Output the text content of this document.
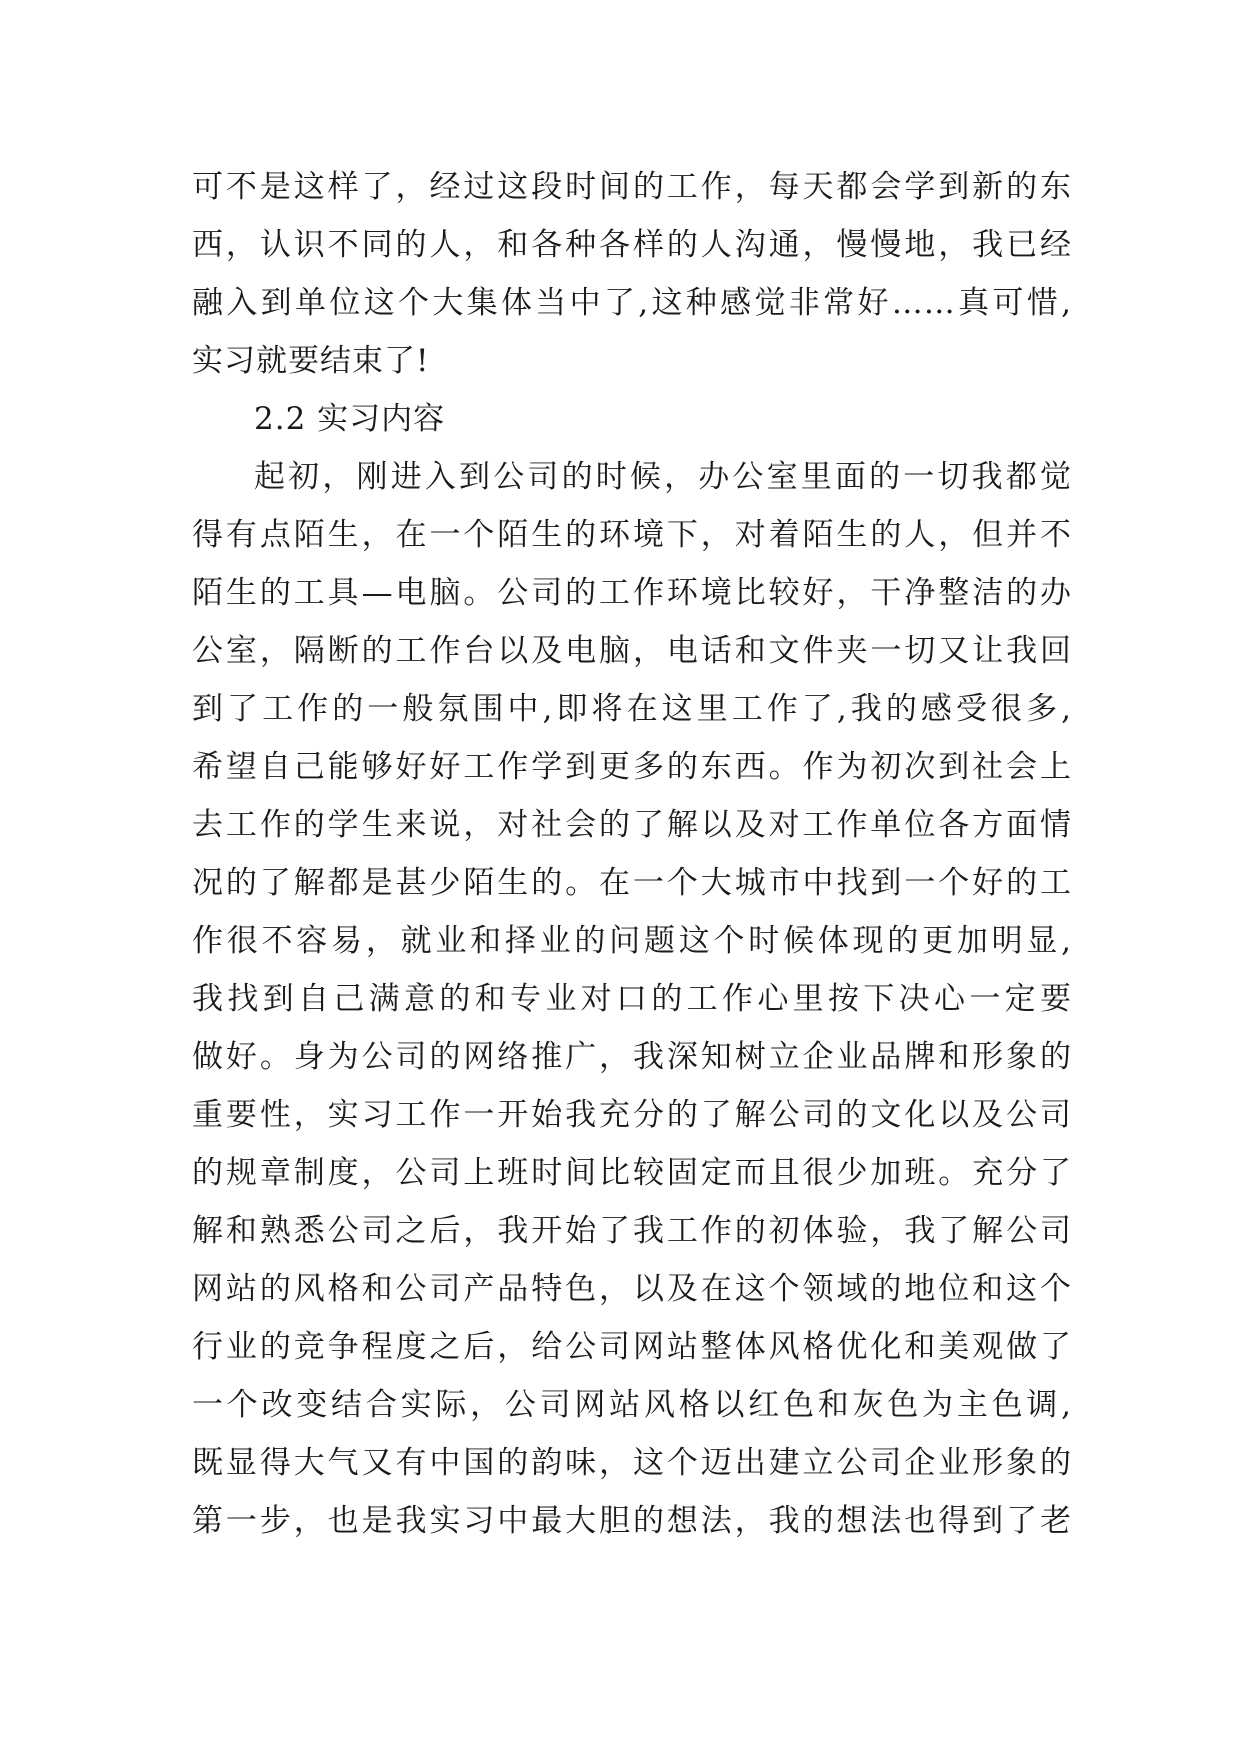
可不是这样了，经过这段时间的工作，每天都会学到新的东
西，认识不同的人，和各种各样的人沟通，慢慢地，我已经
融入到单位这个大集体当中了,这种感觉非常好……真可惜,
实习就要结束了!
2.2 实习内容
起初，刚进入到公司的时候，办公室里面的一切我都觉
得有点陌生，在一个陌生的环境下，对着陌生的人，但并不
陌生的工具—电脑。公司的工作环境比较好，干净整洁的办
公室，隔断的工作台以及电脑，电话和文件夹一切又让我回
到了工作的一般氛围中,即将在这里工作了,我的感受很多,
希望自己能够好好工作学到更多的东西。作为初次到社会上
去工作的学生来说，对社会的了解以及对工作单位各方面情
况的了解都是甚少陌生的。在一个大城市中找到一个好的工
作很不容易，就业和择业的问题这个时候体现的更加明显,
我找到自己满意的和专业对口的工作心里按下决心一定要
做好。身为公司的网络推广，我深知树立企业品牌和形象的
重要性，实习工作一开始我充分的了解公司的文化以及公司
的规章制度，公司上班时间比较固定而且很少加班。充分了
解和熟悉公司之后，我开始了我工作的初体验，我了解公司
网站的风格和公司产品特色，以及在这个领域的地位和这个
行业的竞争程度之后，给公司网站整体风格优化和美观做了
一个改变结合实际，公司网站风格以红色和灰色为主色调,
既显得大气又有中国的韵味，这个迈出建立公司企业形象的
第一步，也是我实习中最大胆的想法，我的想法也得到了老
